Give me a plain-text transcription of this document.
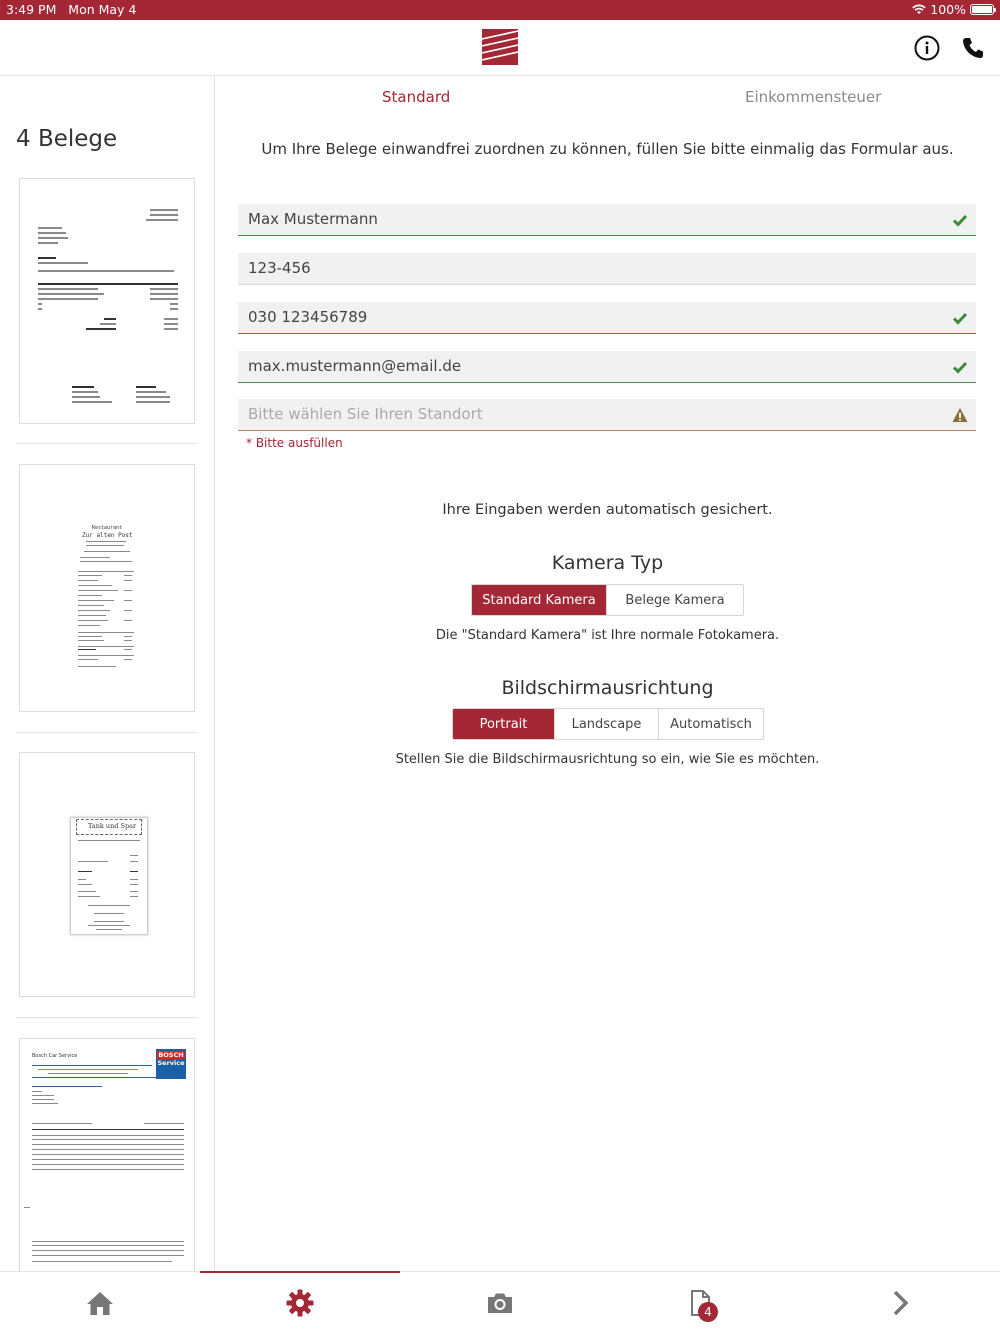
3:49 PM Mon May 4	100%
4 Belege
Restaurant
Zur alten Post
Tank und Spar
Bosch Car Service	BOSCH
Service
Standard	Einkommensteuer
Um Ihre Belege einwandfrei zuordnen zu können, füllen Sie bitte einmalig das Formular aus.
Max Mustermann
123-456
030 123456789
max.mustermann@email.de
Bitte wählen Sie Ihren Standort
* Bitte ausfüllen
Ihre Eingaben werden automatisch gesichert.
Kamera Typ
Standard Kamera	Belege Kamera
Die "Standard Kamera" ist Ihre normale Fotokamera.
Bildschirmausrichtung
Portrait	Landscape	Automatisch
Stellen Sie die Bildschirmausrichtung so ein, wie Sie es möchten.
4
